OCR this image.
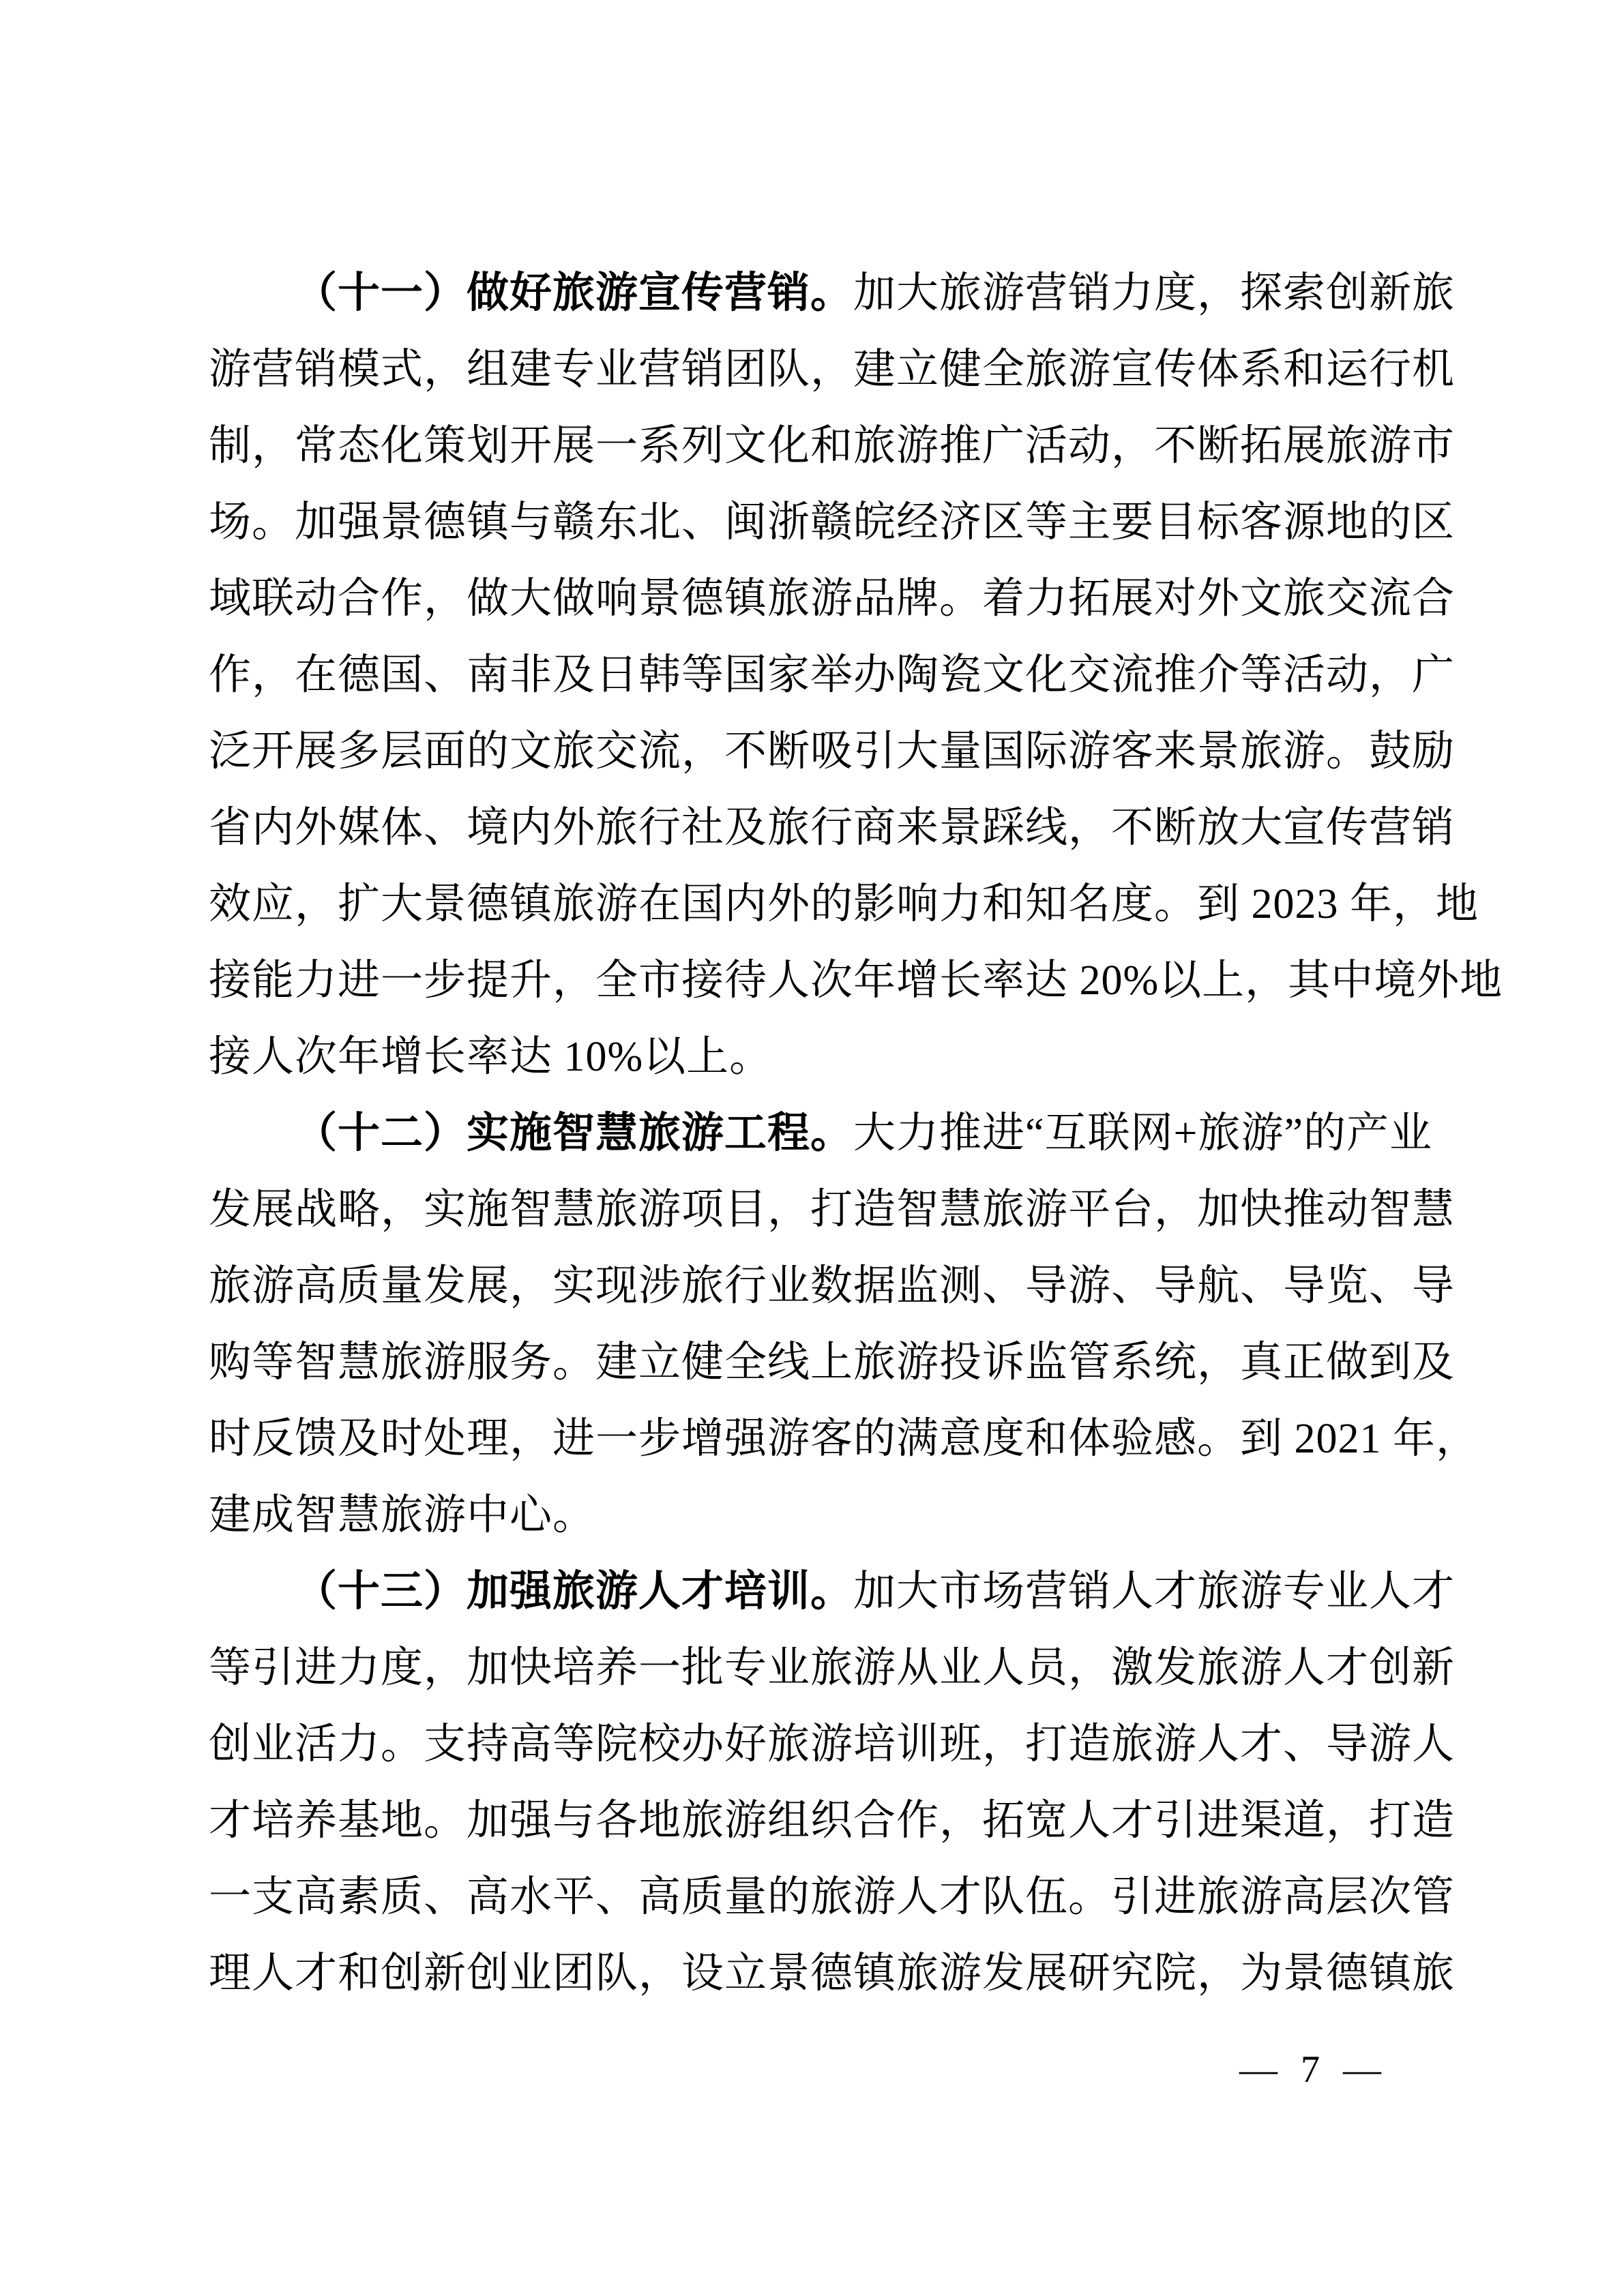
（十一）做好旅游宣传营销。加大旅游营销力度，探索创新旅
游营销模式，组建专业营销团队，建立健全旅游宣传体系和运行机
制，常态化策划开展一系列文化和旅游推广活动，不断拓展旅游市
场。加强景德镇与赣东北、闽浙赣皖经济区等主要目标客源地的区
域联动合作，做大做响景德镇旅游品牌。着力拓展对外文旅交流合
作，在德国、南非及日韩等国家举办陶瓷文化交流推介等活动，广
泛开展多层面的文旅交流，不断吸引大量国际游客来景旅游。鼓励
省内外媒体、境内外旅行社及旅行商来景踩线，不断放大宣传营销
效应，扩大景德镇旅游在国内外的影响力和知名度。到 2023 年，地
接能力进一步提升，全市接待人次年增长率达 20%以上，其中境外地
接人次年增长率达 10%以上。
（十二）实施智慧旅游工程。大力推进“互联网+旅游”的产业
发展战略，实施智慧旅游项目，打造智慧旅游平台，加快推动智慧
旅游高质量发展，实现涉旅行业数据监测、导游、导航、导览、导
购等智慧旅游服务。建立健全线上旅游投诉监管系统，真正做到及
时反馈及时处理，进一步增强游客的满意度和体验感。到 2021 年，
建成智慧旅游中心。
（十三）加强旅游人才培训。加大市场营销人才旅游专业人才
等引进力度，加快培养一批专业旅游从业人员，激发旅游人才创新
创业活力。支持高等院校办好旅游培训班，打造旅游人才、导游人
才培养基地。加强与各地旅游组织合作，拓宽人才引进渠道，打造
一支高素质、高水平、高质量的旅游人才队伍。引进旅游高层次管
理人才和创新创业团队，设立景德镇旅游发展研究院，为景德镇旅
— 7 —
